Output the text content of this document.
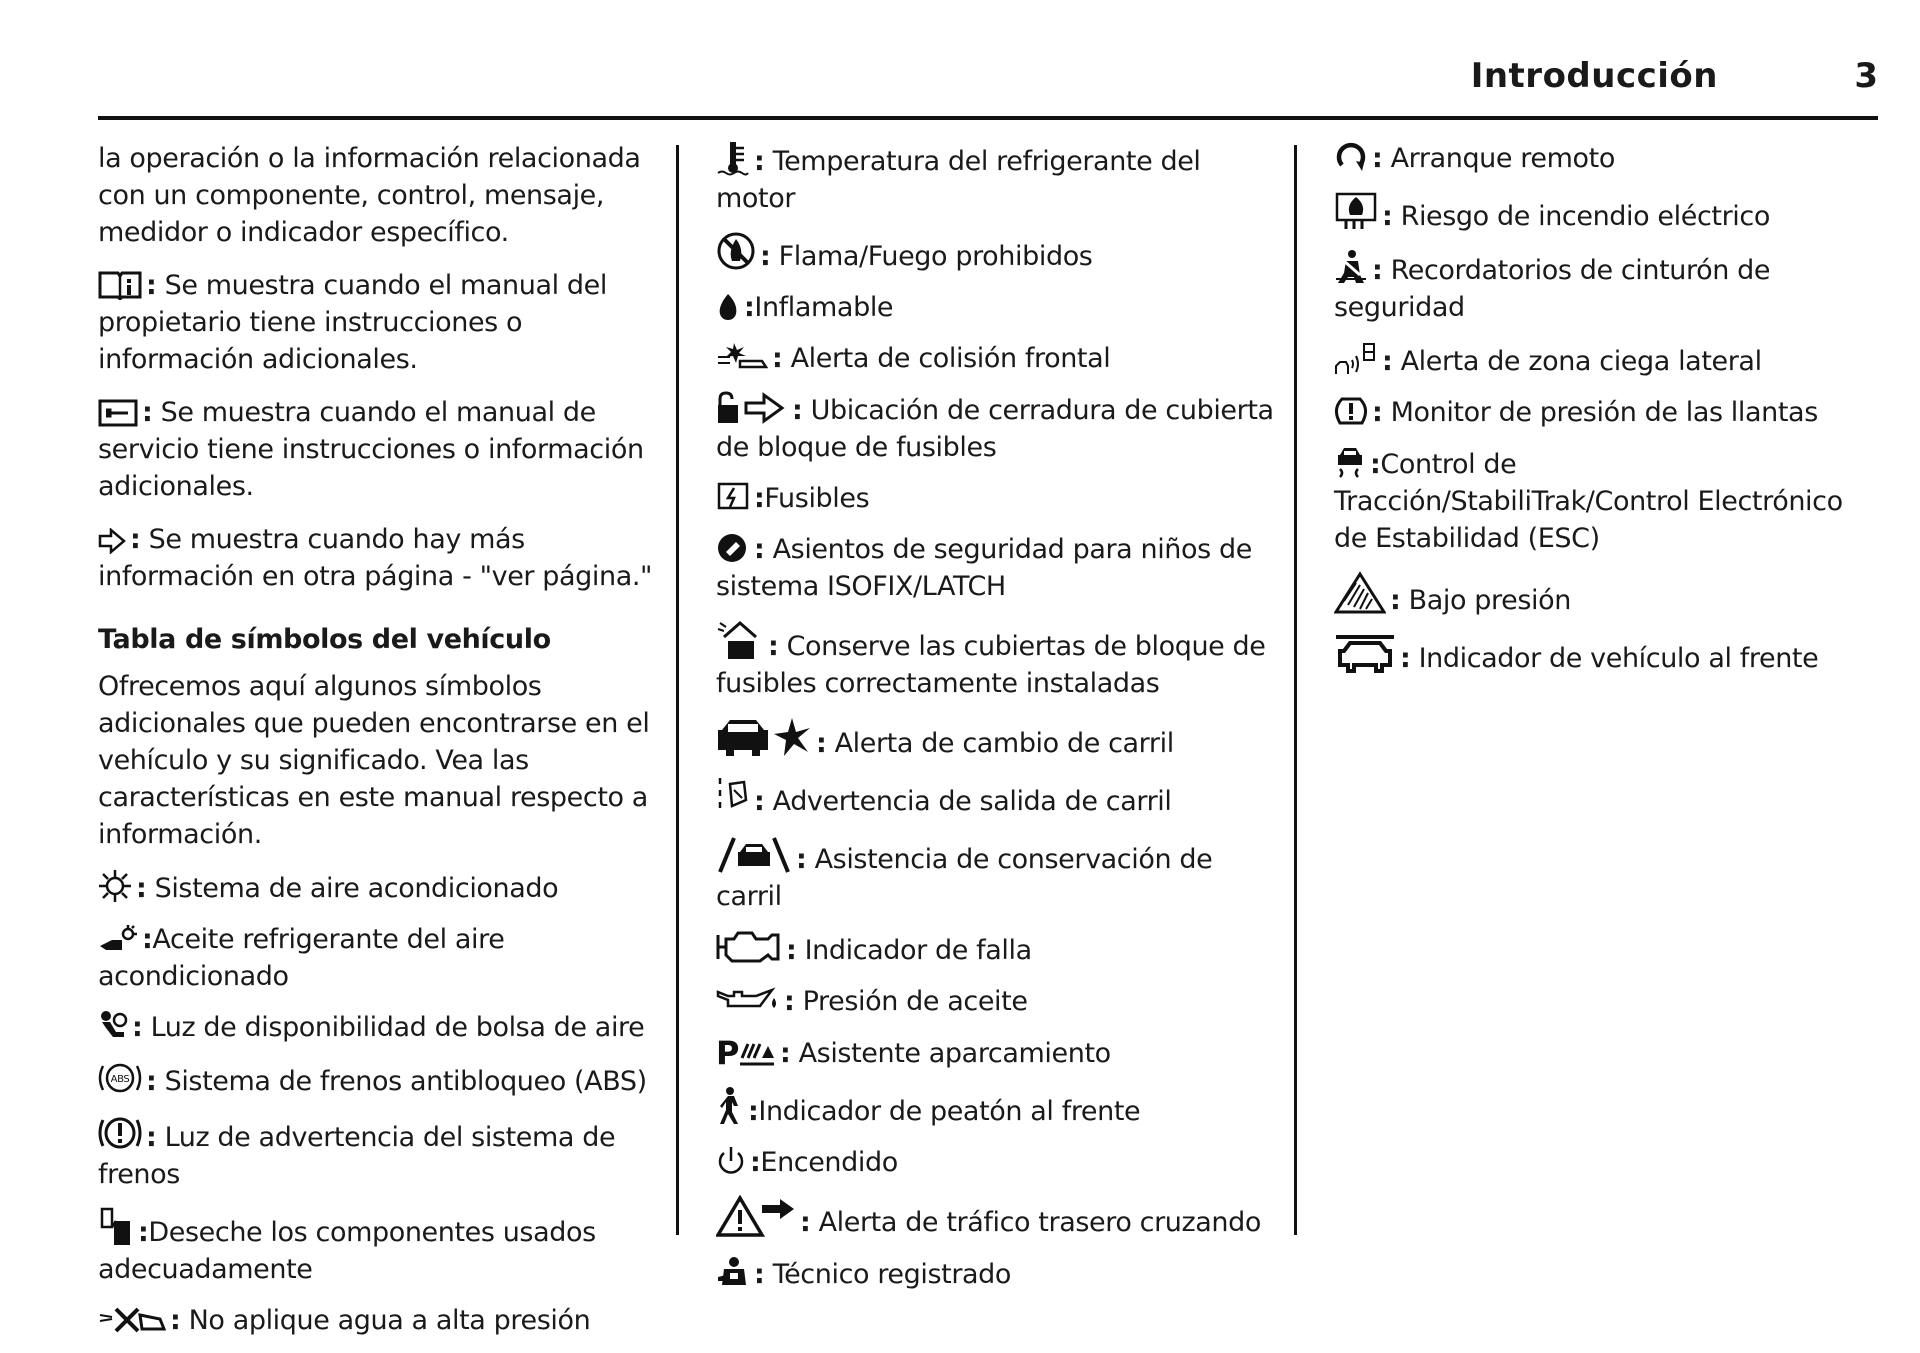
Introducción	3

la operación o la información relacionada con un componente, control, mensaje, medidor o indicador específico.

: Se muestra cuando el manual del propietario tiene instrucciones o información adicionales.

: Se muestra cuando el manual de servicio tiene instrucciones o información adicionales.

: Se muestra cuando hay más información en otra página - "ver página."

Tabla de símbolos del vehículo

Ofrecemos aquí algunos símbolos adicionales que pueden encontrarse en el vehículo y su significado. Vea las características en este manual respecto a información.

: Sistema de aire acondicionado
:Aceite refrigerante del aire acondicionado
: Luz de disponibilidad de bolsa de aire
ABS : Sistema de frenos antibloqueo (ABS)
: Luz de advertencia del sistema de frenos
:Deseche los componentes usados adecuadamente
: No aplique agua a alta presión
: Temperatura del refrigerante del motor
: Flama/Fuego prohibidos
:Inflamable
: Alerta de colisión frontal
: Ubicación de cerradura de cubierta de bloque de fusibles
:Fusibles
: Asientos de seguridad para niños de sistema ISOFIX/LATCH
: Conserve las cubiertas de bloque de fusibles correctamente instaladas
: Alerta de cambio de carril
: Advertencia de salida de carril
: Asistencia de conservación de carril
: Indicador de falla
: Presión de aceite
P : Asistente aparcamiento
:Indicador de peatón al frente
:Encendido
: Alerta de tráfico trasero cruzando
: Técnico registrado
: Arranque remoto
: Riesgo de incendio eléctrico
: Recordatorios de cinturón de seguridad
: Alerta de zona ciega lateral
: Monitor de presión de las llantas
:Control de Tracción/StabiliTrak/Control Electrónico de Estabilidad (ESC)
: Bajo presión
: Indicador de vehículo al frente
